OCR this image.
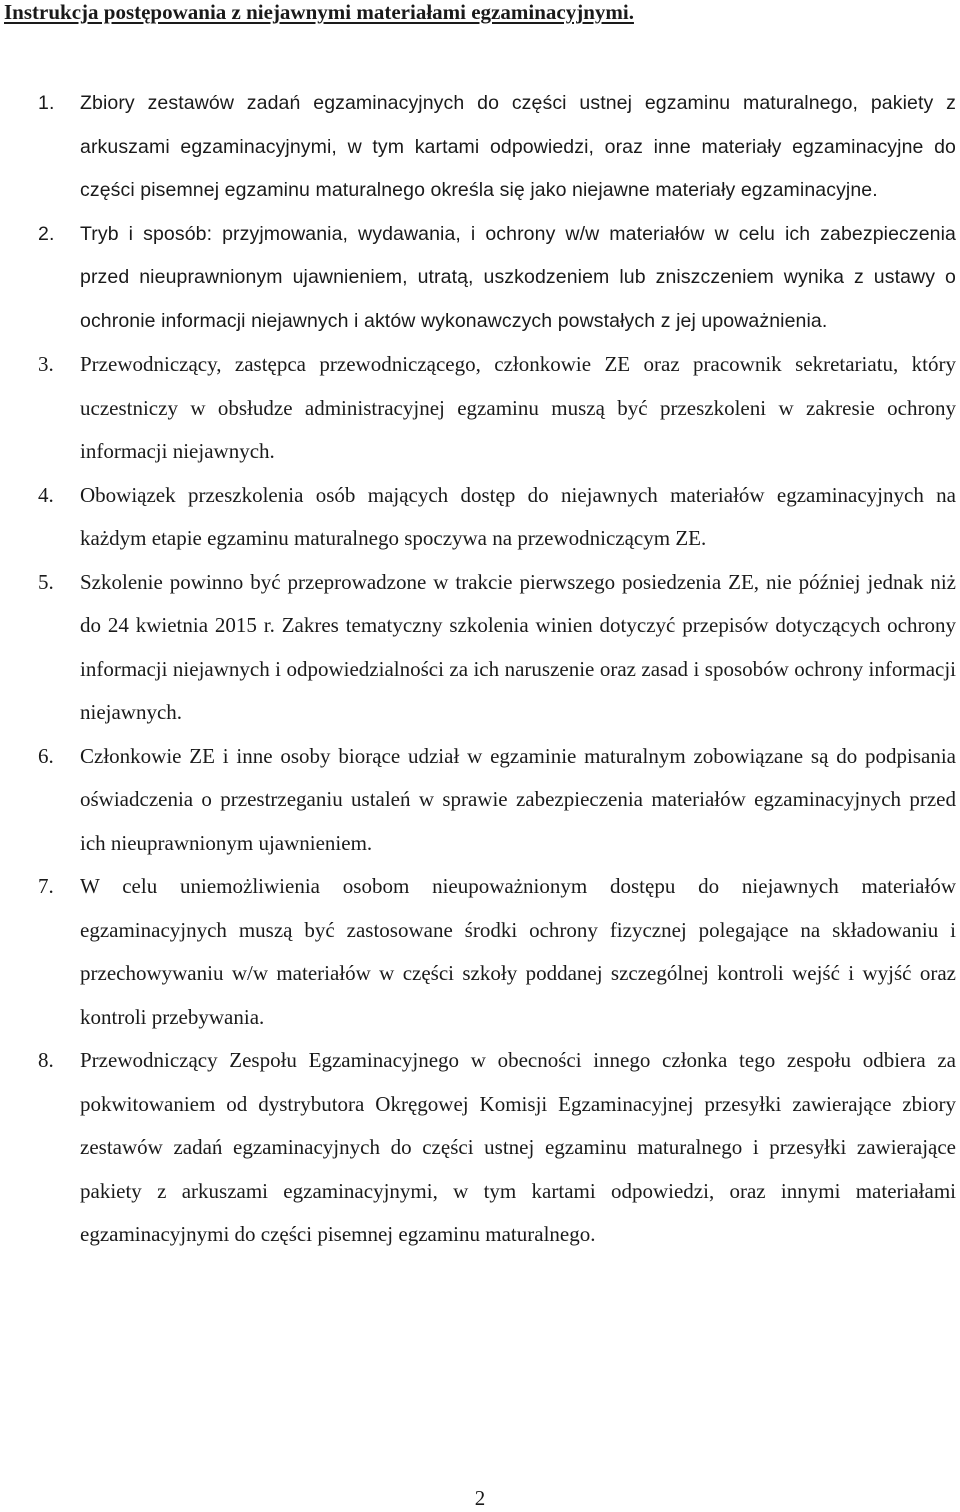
Instrukcja postępowania z niejawnymi materiałami egzaminacyjnymi.
1.	Zbiory zestawów zadań egzaminacyjnych do części ustnej egzaminu maturalnego, pakiety z arkuszami egzaminacyjnymi, w tym kartami odpowiedzi, oraz inne materiały egzaminacyjne do części pisemnej egzaminu maturalnego określa się jako niejawne materiały egzaminacyjne.
2.	Tryb i sposób: przyjmowania, wydawania, i ochrony w/w materiałów w celu ich zabezpieczenia przed nieuprawnionym ujawnieniem, utratą, uszkodzeniem lub zniszczeniem wynika z ustawy o ochronie informacji niejawnych i aktów wykonawczych powstałych z jej upoważnienia.
3.	Przewodniczący, zastępca przewodniczącego, członkowie ZE oraz pracownik sekretariatu, który uczestniczy w obsłudze administracyjnej egzaminu muszą być przeszkoleni w zakresie ochrony informacji niejawnych.
4.	Obowiązek przeszkolenia osób mających dostęp do niejawnych materiałów egzaminacyjnych na każdym etapie egzaminu maturalnego spoczywa na przewodniczącym ZE.
5.	Szkolenie powinno być przeprowadzone w trakcie pierwszego posiedzenia ZE, nie później jednak niż do 24 kwietnia 2015 r. Zakres tematyczny szkolenia winien dotyczyć przepisów dotyczących ochrony informacji niejawnych i odpowiedzialności za ich naruszenie oraz zasad i sposobów ochrony informacji niejawnych.
6.	Członkowie ZE i inne osoby biorące udział w egzaminie maturalnym zobowiązane są do podpisania oświadczenia o przestrzeganiu ustaleń w sprawie zabezpieczenia materiałów egzaminacyjnych przed ich nieuprawnionym ujawnieniem.
7.	W celu uniemożliwienia osobom nieupoważnionym dostępu do niejawnych materiałów egzaminacyjnych muszą być zastosowane środki ochrony fizycznej polegające na składowaniu i przechowywaniu w/w materiałów w części szkoły poddanej szczególnej kontroli wejść i wyjść oraz kontroli przebywania.
8.	Przewodniczący Zespołu Egzaminacyjnego w obecności innego członka tego zespołu odbiera za pokwitowaniem od dystrybutora Okręgowej Komisji Egzaminacyjnej przesyłki zawierające zbiory zestawów zadań egzaminacyjnych do części ustnej egzaminu maturalnego i przesyłki zawierające pakiety z arkuszami egzaminacyjnymi, w tym kartami odpowiedzi, oraz innymi materiałami egzaminacyjnymi do części pisemnej egzaminu maturalnego.
2
